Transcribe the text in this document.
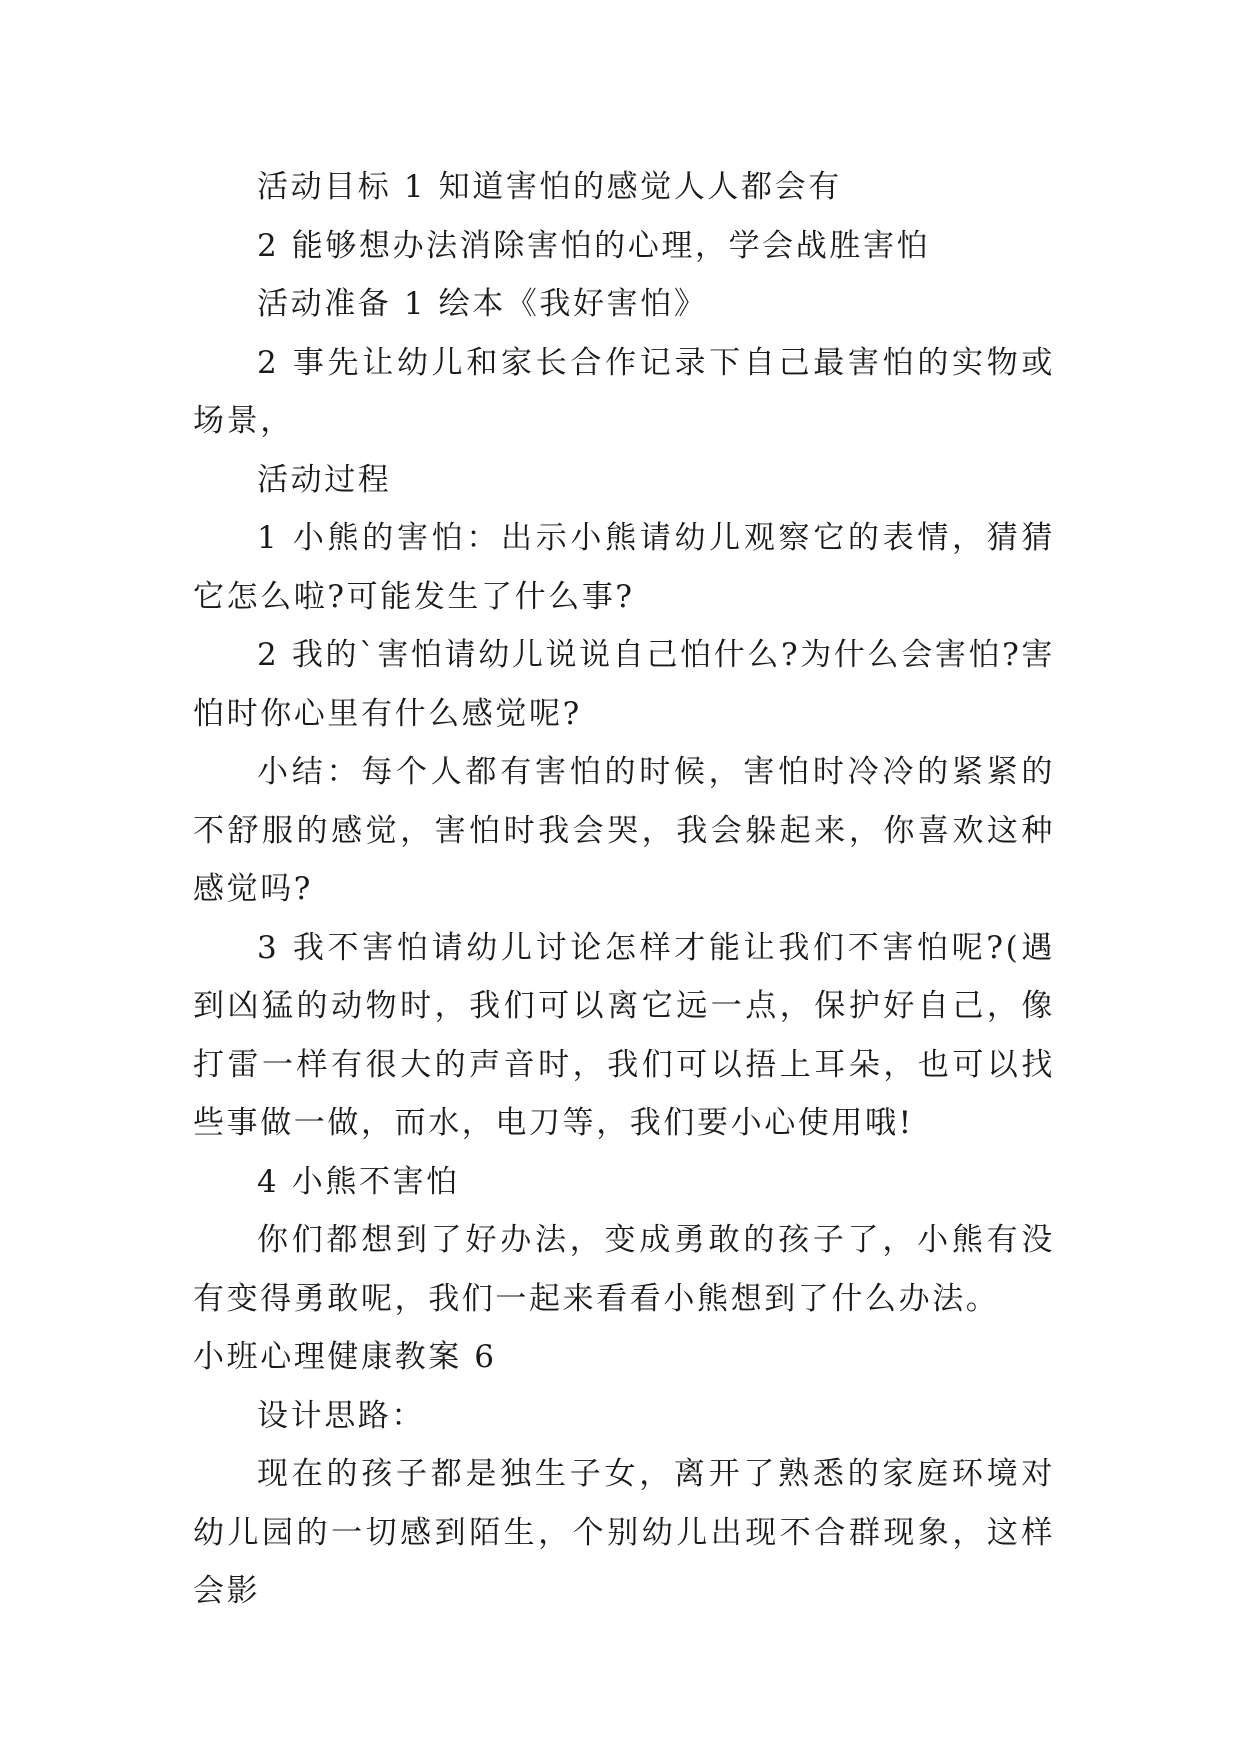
活动目标 1 知道害怕的感觉人人都会有

2 能够想办法消除害怕的心理，学会战胜害怕

活动准备 1 绘本《我好害怕》

2 事先让幼儿和家长合作记录下自己最害怕的实物或场景，

活动过程

1 小熊的害怕：出示小熊请幼儿观察它的表情，猜猜它怎么啦?可能发生了什么事?

2 我的`害怕请幼儿说说自己怕什么?为什么会害怕?害怕时你心里有什么感觉呢?

小结：每个人都有害怕的时候，害怕时冷冷的紧紧的不舒服的感觉，害怕时我会哭，我会躲起来，你喜欢这种感觉吗?

3 我不害怕请幼儿讨论怎样才能让我们不害怕呢?(遇到凶猛的动物时，我们可以离它远一点，保护好自己，像打雷一样有很大的声音时，我们可以捂上耳朵，也可以找些事做一做，而水，电刀等，我们要小心使用哦!

4 小熊不害怕

你们都想到了好办法，变成勇敢的孩子了，小熊有没有变得勇敢呢，我们一起来看看小熊想到了什么办法。

小班心理健康教案 6

设计思路：

现在的孩子都是独生子女，离开了熟悉的家庭环境对幼儿园的一切感到陌生，个别幼儿出现不合群现象，这样会影
